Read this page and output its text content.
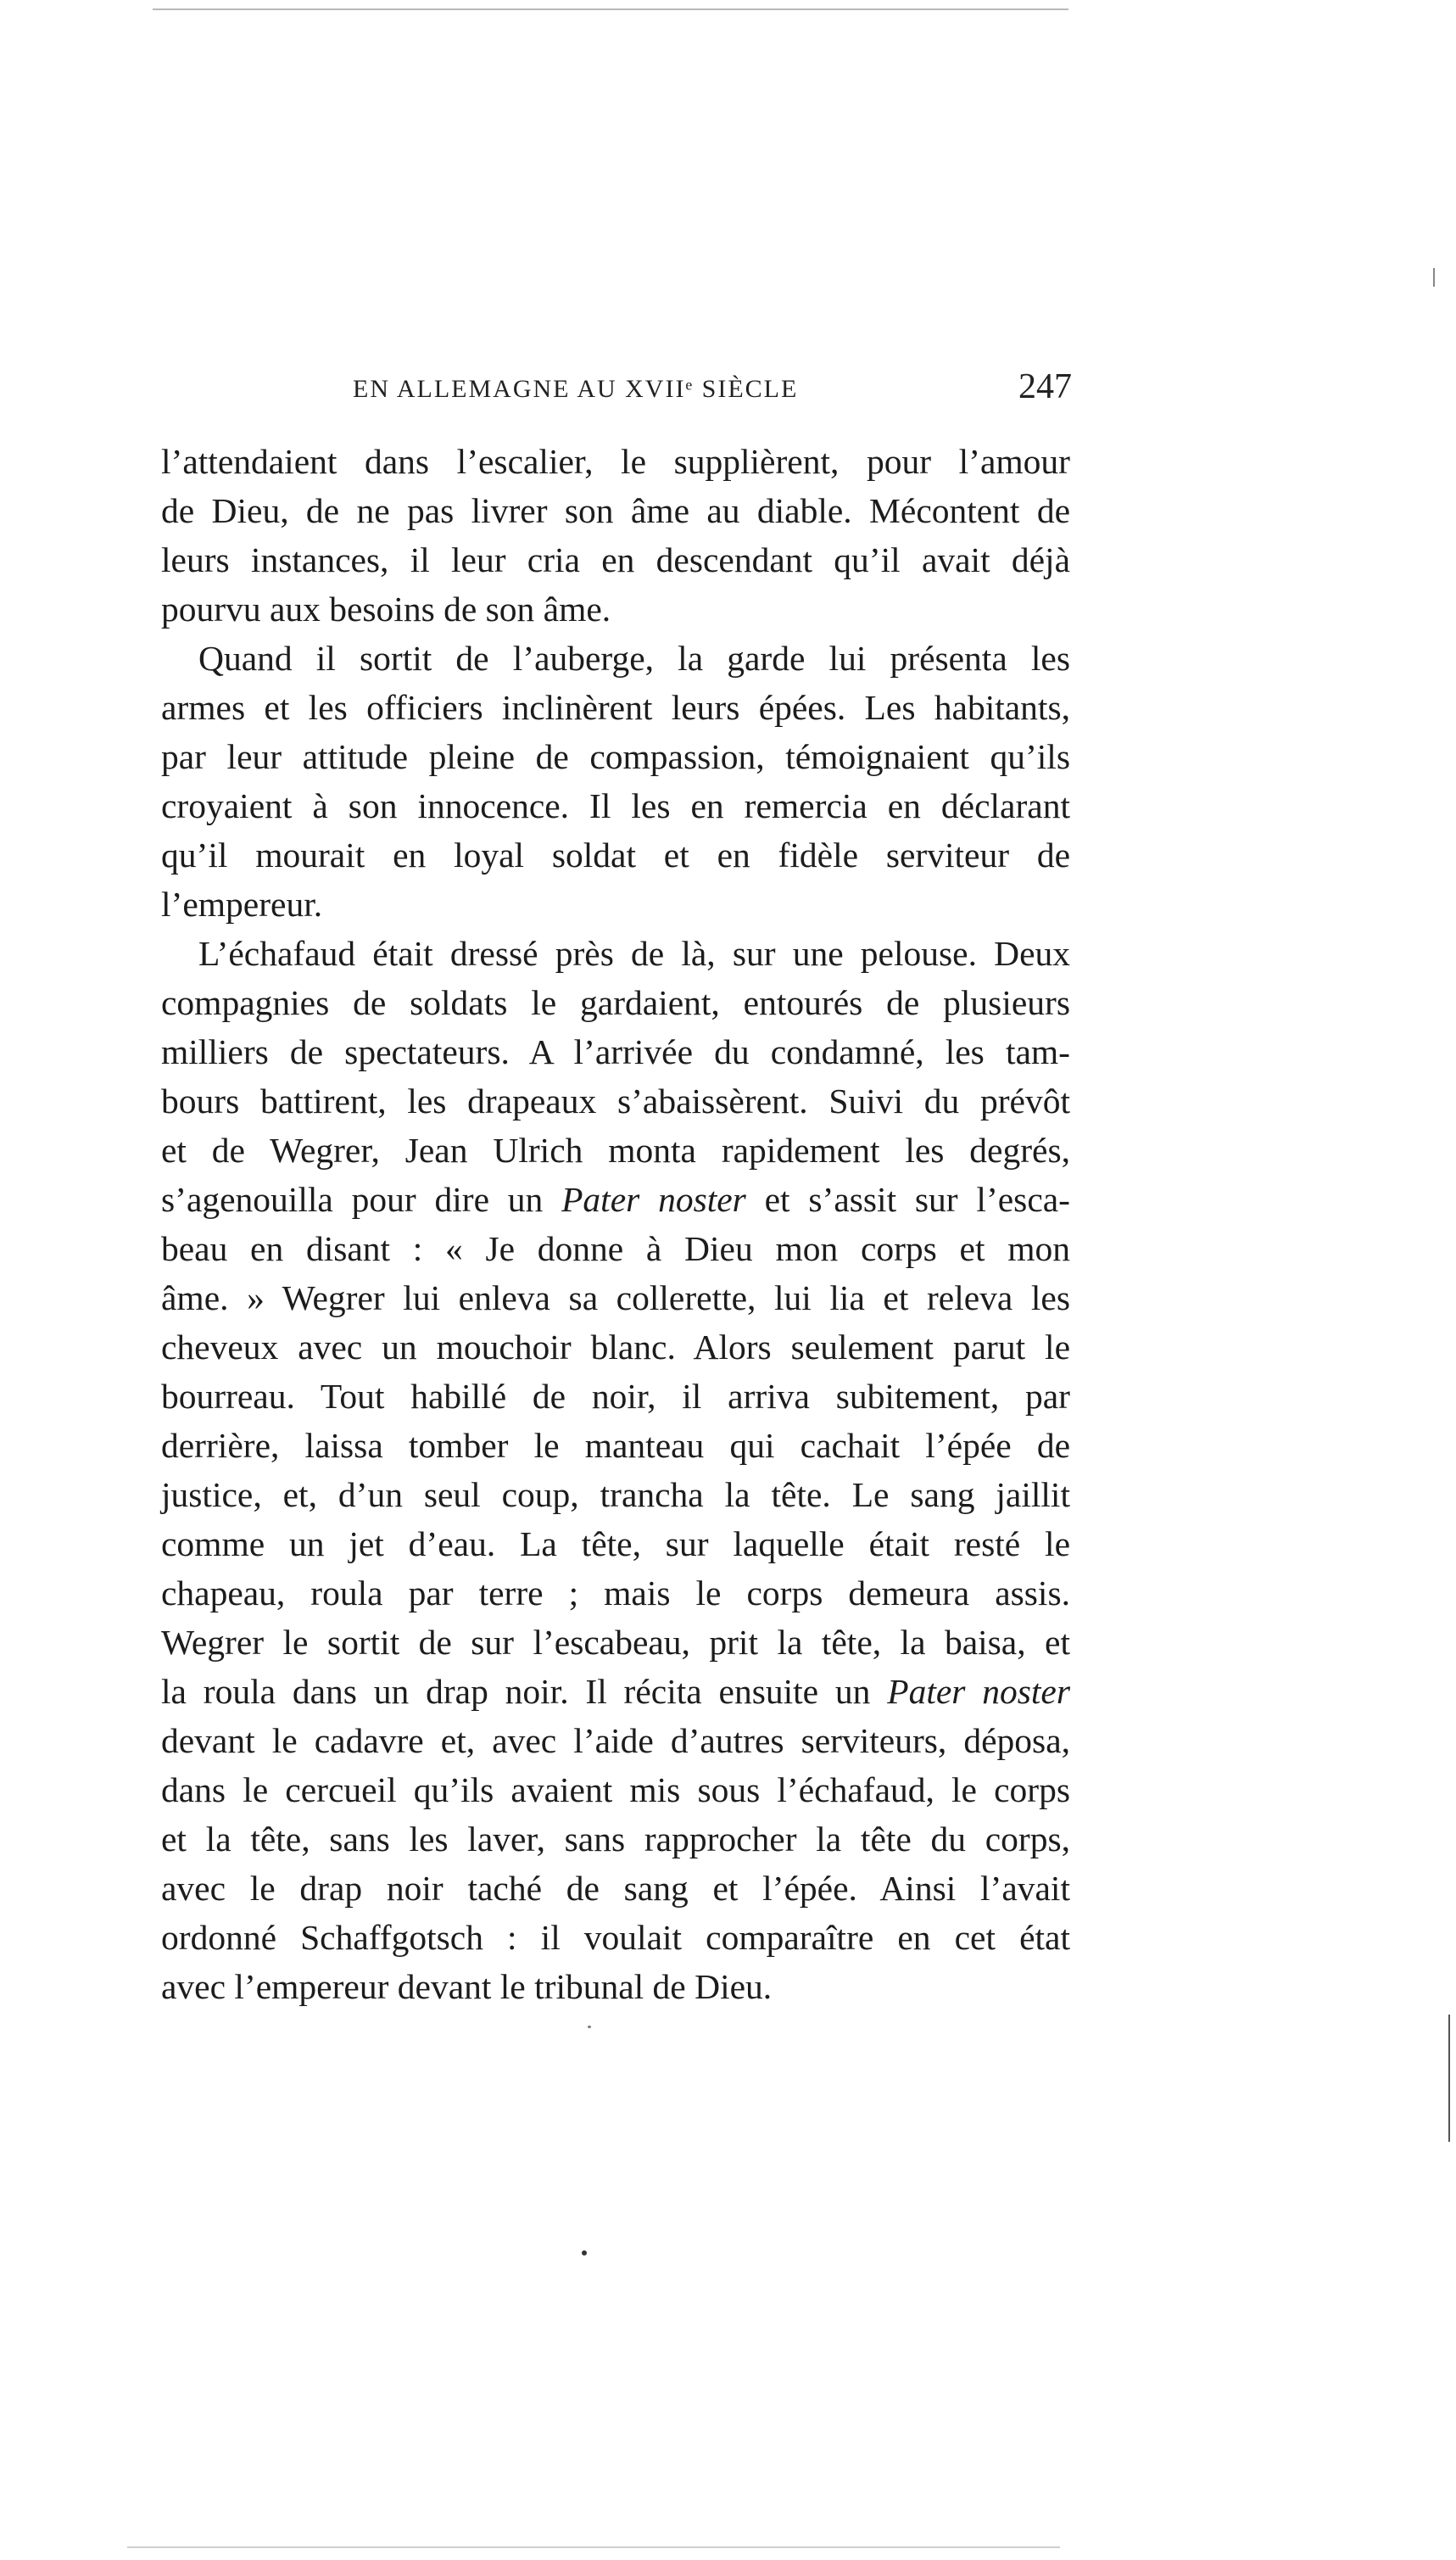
EN ALLEMAGNE AU XVIIᵉ SIÈCLE	247
l’attendaient dans l’escalier, le supplièrent, pour l’amour
de Dieu, de ne pas livrer son âme au diable. Mécontent de
leurs instances, il leur cria en descendant qu’il avait déjà
pourvu aux besoins de son âme.
Quand il sortit de l’auberge, la garde lui présenta les
armes et les officiers inclinèrent leurs épées. Les habitants,
par leur attitude pleine de compassion, témoignaient qu’ils
croyaient à son innocence. Il les en remercia en déclarant
qu’il mourait en loyal soldat et en fidèle serviteur de
l’empereur.
L’échafaud était dressé près de là, sur une pelouse. Deux
compagnies de soldats le gardaient, entourés de plusieurs
milliers de spectateurs. A l’arrivée du condamné, les tam-
bours battirent, les drapeaux s’abaissèrent. Suivi du prévôt
et de Wegrer, Jean Ulrich monta rapidement les degrés,
s’agenouilla pour dire un Pater noster et s’assit sur l’esca-
beau en disant : « Je donne à Dieu mon corps et mon
âme. » Wegrer lui enleva sa collerette, lui lia et releva les
cheveux avec un mouchoir blanc. Alors seulement parut le
bourreau. Tout habillé de noir, il arriva subitement, par
derrière, laissa tomber le manteau qui cachait l’épée de
justice, et, d’un seul coup, trancha la tête. Le sang jaillit
comme un jet d’eau. La tête, sur laquelle était resté le
chapeau, roula par terre ; mais le corps demeura assis.
Wegrer le sortit de sur l’escabeau, prit la tête, la baisa, et
la roula dans un drap noir. Il récita ensuite un Pater noster
devant le cadavre et, avec l’aide d’autres serviteurs, déposa,
dans le cercueil qu’ils avaient mis sous l’échafaud, le corps
et la tête, sans les laver, sans rapprocher la tête du corps,
avec le drap noir taché de sang et l’épée. Ainsi l’avait
ordonné Schaffgotsch : il voulait comparaître en cet état
avec l’empereur devant le tribunal de Dieu.
